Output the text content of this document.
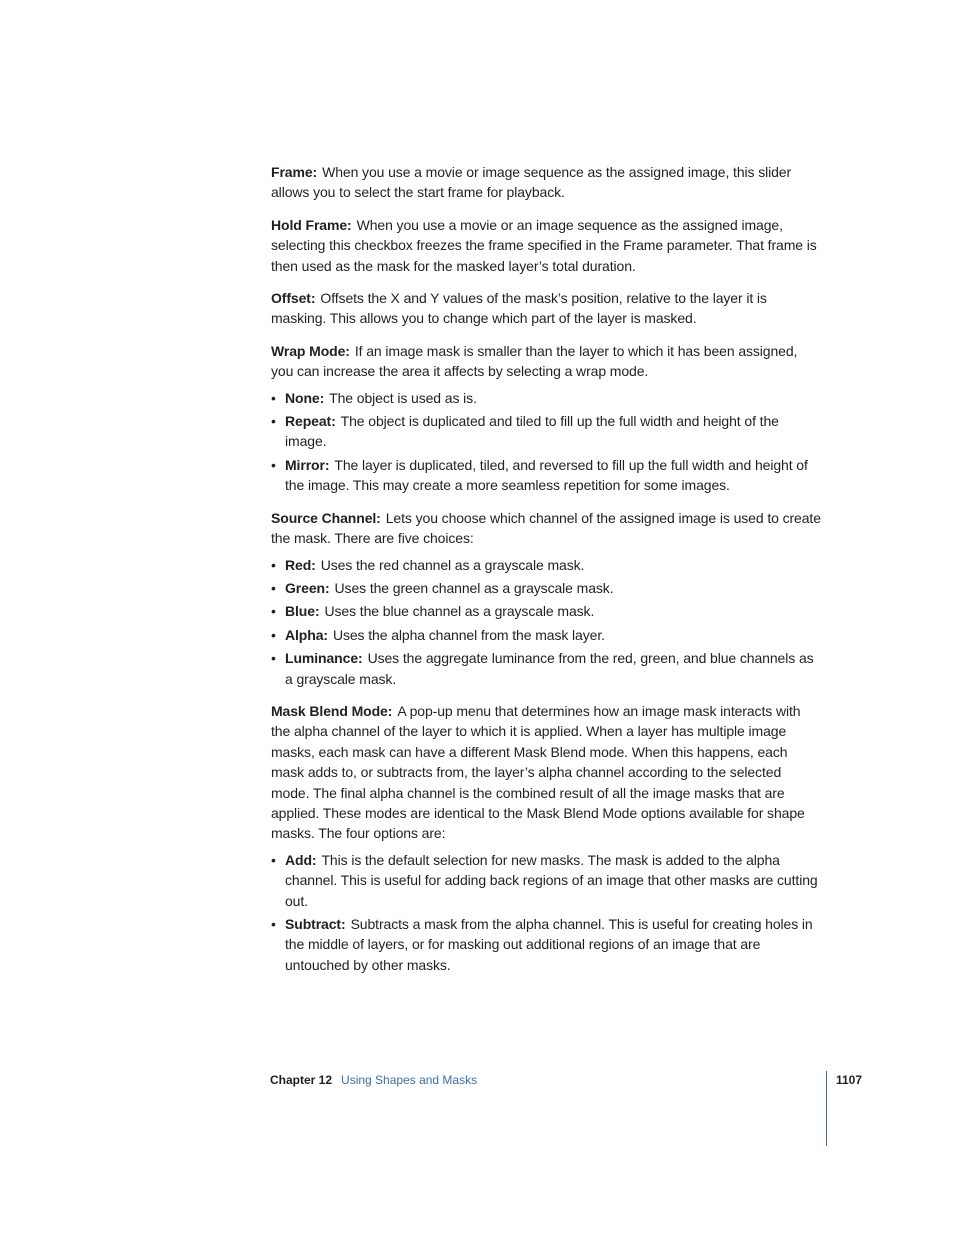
Frame: When you use a movie or image sequence as the assigned image, this slider allows you to select the start frame for playback.

Hold Frame: When you use a movie or an image sequence as the assigned image, selecting this checkbox freezes the frame specified in the Frame parameter. That frame is then used as the mask for the masked layer’s total duration.

Offset: Offsets the X and Y values of the mask’s position, relative to the layer it is masking. This allows you to change which part of the layer is masked.

Wrap Mode: If an image mask is smaller than the layer to which it has been assigned, you can increase the area it affects by selecting a wrap mode.

• None: The object is used as is.
• Repeat: The object is duplicated and tiled to fill up the full width and height of the image.
• Mirror: The layer is duplicated, tiled, and reversed to fill up the full width and height of the image. This may create a more seamless repetition for some images.

Source Channel: Lets you choose which channel of the assigned image is used to create the mask. There are five choices:

• Red: Uses the red channel as a grayscale mask.
• Green: Uses the green channel as a grayscale mask.
• Blue: Uses the blue channel as a grayscale mask.
• Alpha: Uses the alpha channel from the mask layer.
• Luminance: Uses the aggregate luminance from the red, green, and blue channels as a grayscale mask.

Mask Blend Mode: A pop-up menu that determines how an image mask interacts with the alpha channel of the layer to which it is applied. When a layer has multiple image masks, each mask can have a different Mask Blend mode. When this happens, each mask adds to, or subtracts from, the layer’s alpha channel according to the selected mode. The final alpha channel is the combined result of all the image masks that are applied. These modes are identical to the Mask Blend Mode options available for shape masks. The four options are:

• Add: This is the default selection for new masks. The mask is added to the alpha channel. This is useful for adding back regions of an image that other masks are cutting out.
• Subtract: Subtracts a mask from the alpha channel. This is useful for creating holes in the middle of layers, or for masking out additional regions of an image that are untouched by other masks.
Chapter 12 Using Shapes and Masks	1107
